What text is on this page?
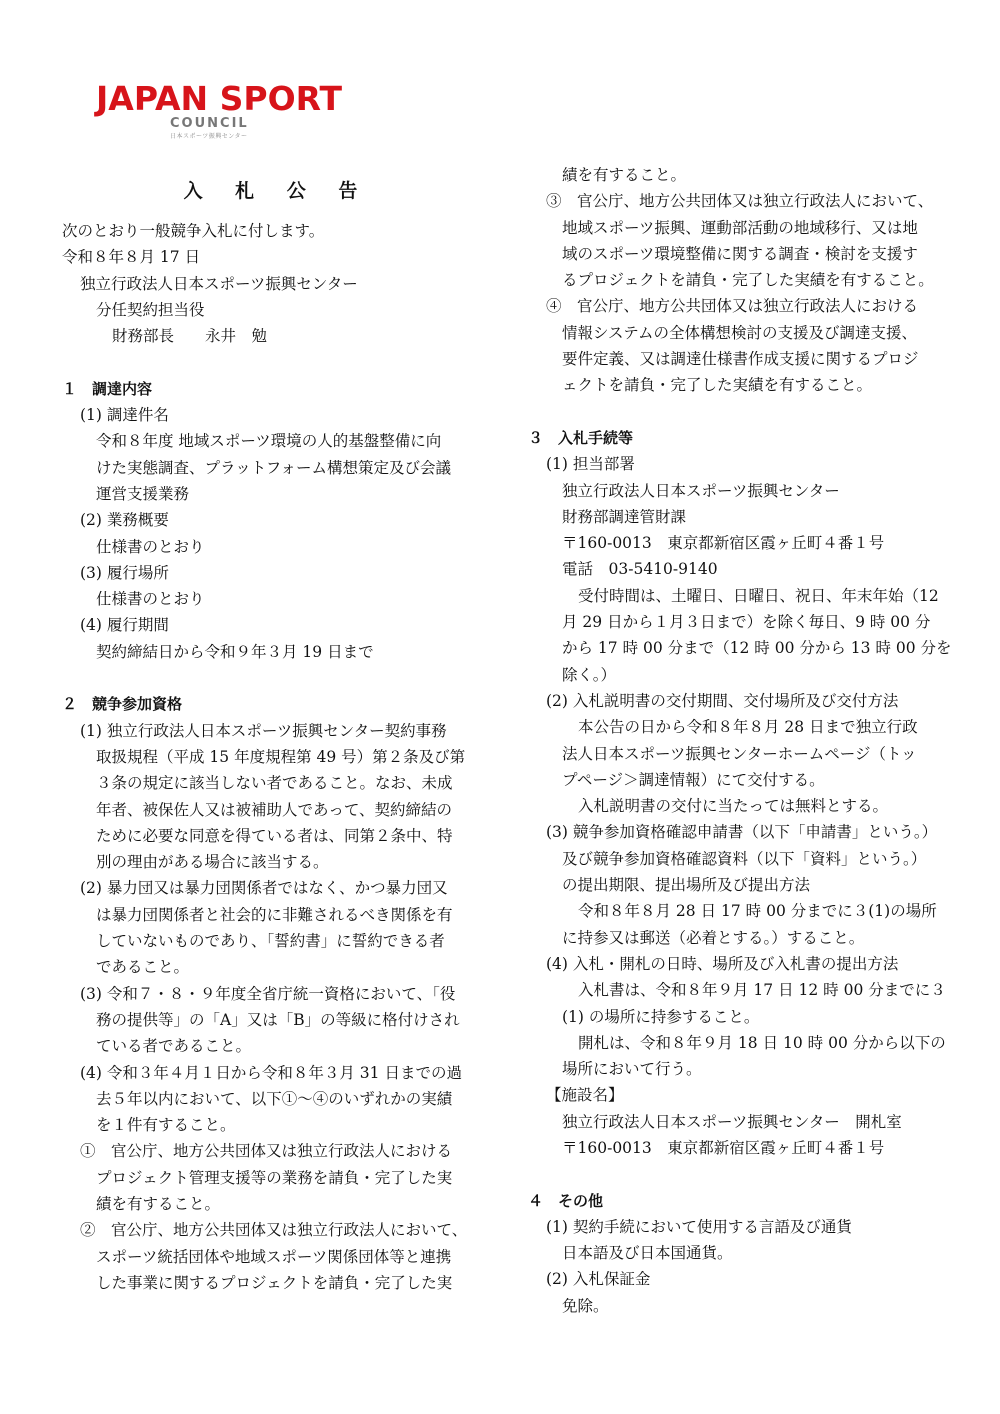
JAPAN SPORT
COUNCIL
日本スポーツ振興センター
入 札 公 告
次のとおり一般競争入札に付します。
令和８年８月 17 日
独立行政法人日本スポーツ振興センター
分任契約担当役
財務部長　　永井　勉
１　調達内容
(1) 調達件名
令和８年度 地域スポーツ環境の人的基盤整備に向
けた実態調査、プラットフォーム構想策定及び会議
運営支援業務
(2) 業務概要
仕様書のとおり
(3) 履行場所
仕様書のとおり
(4) 履行期間
契約締結日から令和９年３月 19 日まで
２　競争参加資格
(1) 独立行政法人日本スポーツ振興センター契約事務
取扱規程（平成 15 年度規程第 49 号）第２条及び第
３条の規定に該当しない者であること。なお、未成
年者、被保佐人又は被補助人であって、契約締結の
ために必要な同意を得ている者は、同第２条中、特
別の理由がある場合に該当する。
(2) 暴力団又は暴力団関係者ではなく、かつ暴力団又
は暴力団関係者と社会的に非難されるべき関係を有
していないものであり、「誓約書」に誓約できる者
であること。
(3) 令和７・８・９年度全省庁統一資格において、「役
務の提供等」の「A」又は「B」の等級に格付けされ
ている者であること。
(4) 令和３年４月１日から令和８年３月 31 日までの過
去５年以内において、以下①～④のいずれかの実績
を１件有すること。
①　官公庁、地方公共団体又は独立行政法人における
プロジェクト管理支援等の業務を請負・完了した実
績を有すること。
②　官公庁、地方公共団体又は独立行政法人において、
スポーツ統括団体や地域スポーツ関係団体等と連携
した事業に関するプロジェクトを請負・完了した実
績を有すること。
③　官公庁、地方公共団体又は独立行政法人において、
地域スポーツ振興、運動部活動の地域移行、又は地
域のスポーツ環境整備に関する調査・検討を支援す
るプロジェクトを請負・完了した実績を有すること。
④　官公庁、地方公共団体又は独立行政法人における
情報システムの全体構想検討の支援及び調達支援、
要件定義、又は調達仕様書作成支援に関するプロジ
ェクトを請負・完了した実績を有すること。
３　入札手続等
(1) 担当部署
独立行政法人日本スポーツ振興センター
財務部調達管財課
〒160-0013　東京都新宿区霞ヶ丘町４番１号
電話　03-5410-9140
受付時間は、土曜日、日曜日、祝日、年末年始（12
月 29 日から１月３日まで）を除く毎日、9 時 00 分
から 17 時 00 分まで（12 時 00 分から 13 時 00 分を
除く。）
(2) 入札説明書の交付期間、交付場所及び交付方法
本公告の日から令和８年８月 28 日まで独立行政
法人日本スポーツ振興センターホームページ（トッ
プページ＞調達情報）にて交付する。
入札説明書の交付に当たっては無料とする。
(3) 競争参加資格確認申請書（以下「申請書」という。）
及び競争参加資格確認資料（以下「資料」という。）
の提出期限、提出場所及び提出方法
令和８年８月 28 日 17 時 00 分までに３(1)の場所
に持参又は郵送（必着とする。）すること。
(4) 入札・開札の日時、場所及び入札書の提出方法
入札書は、令和８年９月 17 日 12 時 00 分までに３
(1) の場所に持参すること。
開札は、令和８年９月 18 日 10 時 00 分から以下の
場所において行う。
【施設名】
独立行政法人日本スポーツ振興センター　開札室
〒160-0013　東京都新宿区霞ヶ丘町４番１号
４　その他
(1) 契約手続において使用する言語及び通貨
日本語及び日本国通貨。
(2) 入札保証金
免除。
